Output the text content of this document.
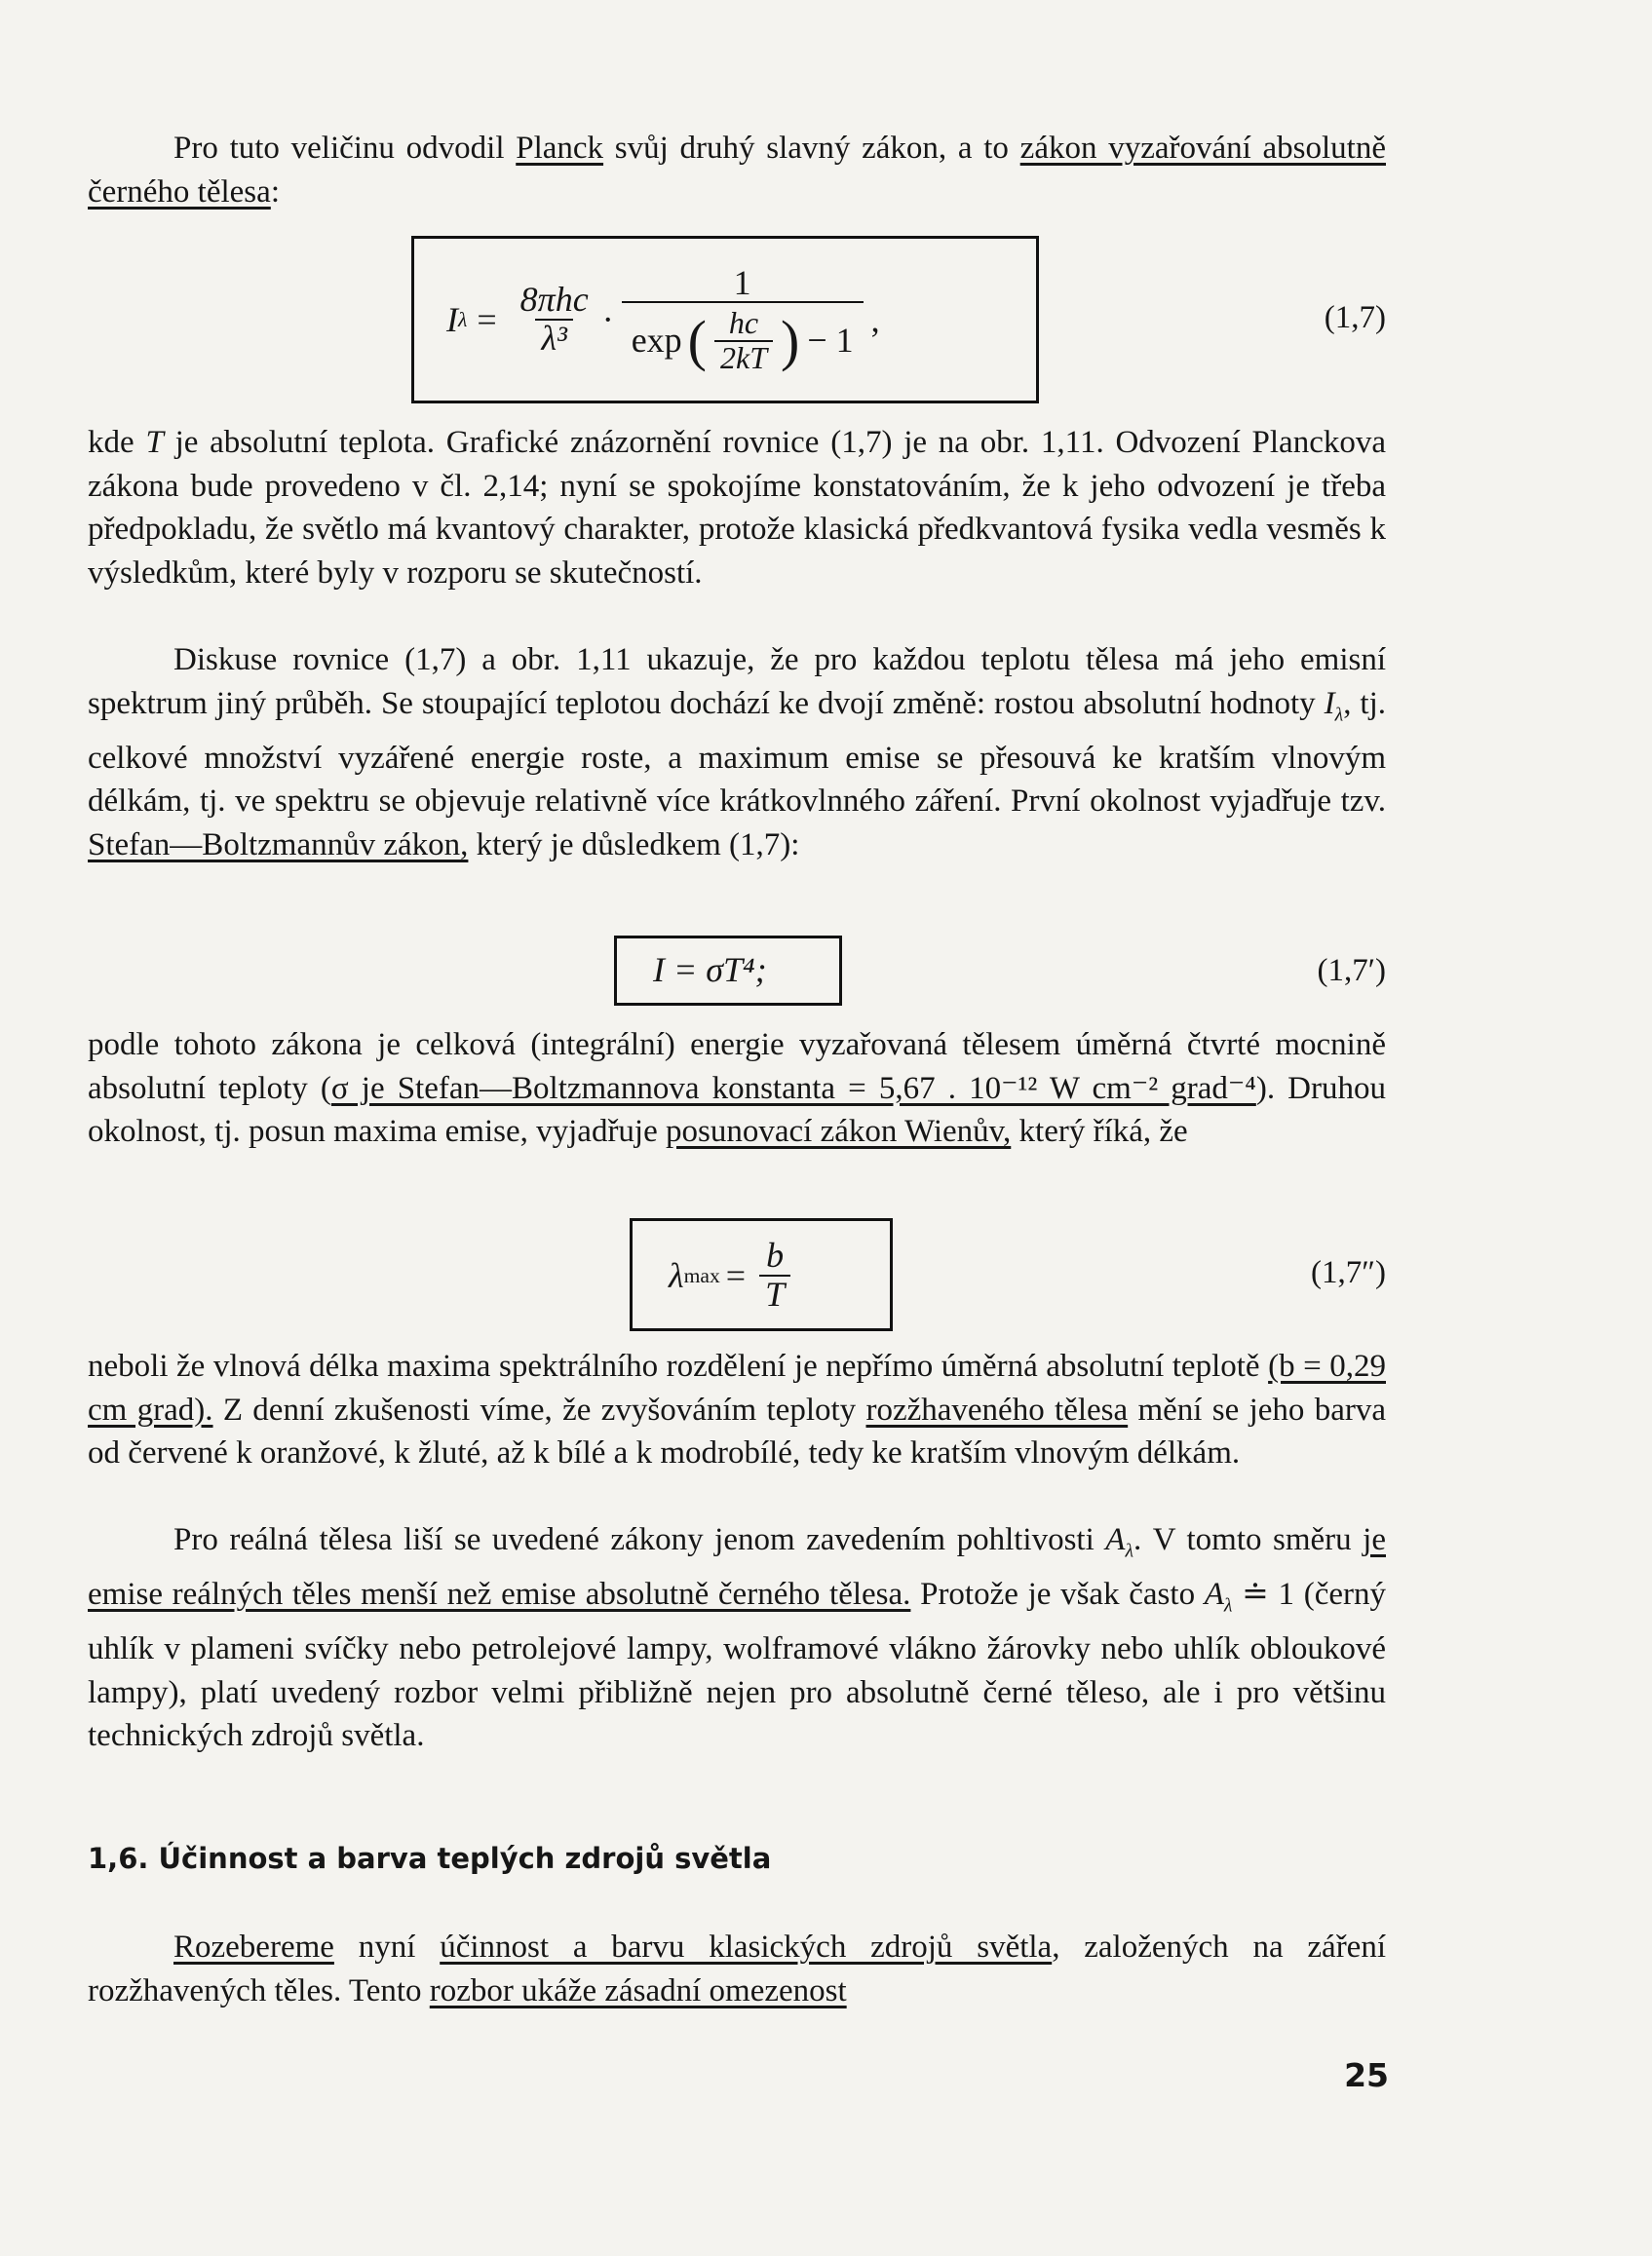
Pro tuto veličinu odvodil Planck svůj druhý slavný zákon, a to zákon vyzařování absolutně černého tělesa:

I $\lambda = \frac{\text{8πhc}}{\text{λ³}} \cdot \frac{1}{\exp ( \frac{hc}{2kT} ) - 1}$ ,	(1,7)

kde T je absolutní teplota. Grafické znázornění rovnice (1,7) je na obr. 1,11. Odvození Planckova zákona bude provedeno v čl. 2,14; nyní se spokojíme konstatováním, že k jeho odvození je třeba předpokladu, že světlo má kvantový charakter, protože klasická předkvantová fysika vedla vesměs k výsledkům, které byly v rozporu se skutečností.

Diskuse rovnice (1,7) a obr. 1,11 ukazuje, že pro každou teplotu tělesa má jeho emisní spektrum jiný průběh. Se stoupající teplotou dochází ke dvojí změně: rostou absolutní hodnoty $I_\lambda$, tj. celkové množství vyzářené energie roste, a maximum emise se přesouvá ke kratším vlnovým délkám, tj. ve spektru se objevuje relativně více krátkovlnného záření. První okolnost vyjadřuje tzv. Stefan—Boltzmannův zákon, který je důsledkem (1,7):

I = σT⁴;	(1,7′)

podle tohoto zákona je celková (integrální) energie vyzařovaná tělesem úměrná čtvrté mocnině absolutní teploty (σ je Stefan—Boltzmannova konstanta = 5,67 . 10⁻¹² W cm⁻² grad⁻⁴). Druhou okolnost, tj. posun maxima emise, vyjadřuje posunovací zákon Wienův, který říká, že

λ $\max = \frac{b}{T}$	(1,7″)

neboli že vlnová délka maxima spektrálního rozdělení je nepřímo úměrná absolutní teplotě (b = 0,29 cm grad). Z denní zkušenosti víme, že zvyšováním teploty rozžhaveného tělesa mění se jeho barva od červené k oranžové, k žluté, až k bílé a k modrobílé, tedy ke kratším vlnovým délkám.

Pro reálná tělesa liší se uvedené zákony jenom zavedením pohltivosti $A_\lambda$. V tomto směru je emise reálných těles menší než emise absolutně černého tělesa. Protože je však často $A_\lambda$ ≐ 1 (černý uhlík v plameni svíčky nebo petrolejové lampy, wolframové vlákno žárovky nebo uhlík obloukové lampy), platí uvedený rozbor velmi přibližně nejen pro absolutně černé těleso, ale i pro většinu technických zdrojů světla.

1,6. Účinnost a barva teplých zdrojů světla

Rozebereme nyní účinnost a barvu klasických zdrojů světla, založených na záření rozžhavených těles. Tento rozbor ukáže zásadní omezenost

25
